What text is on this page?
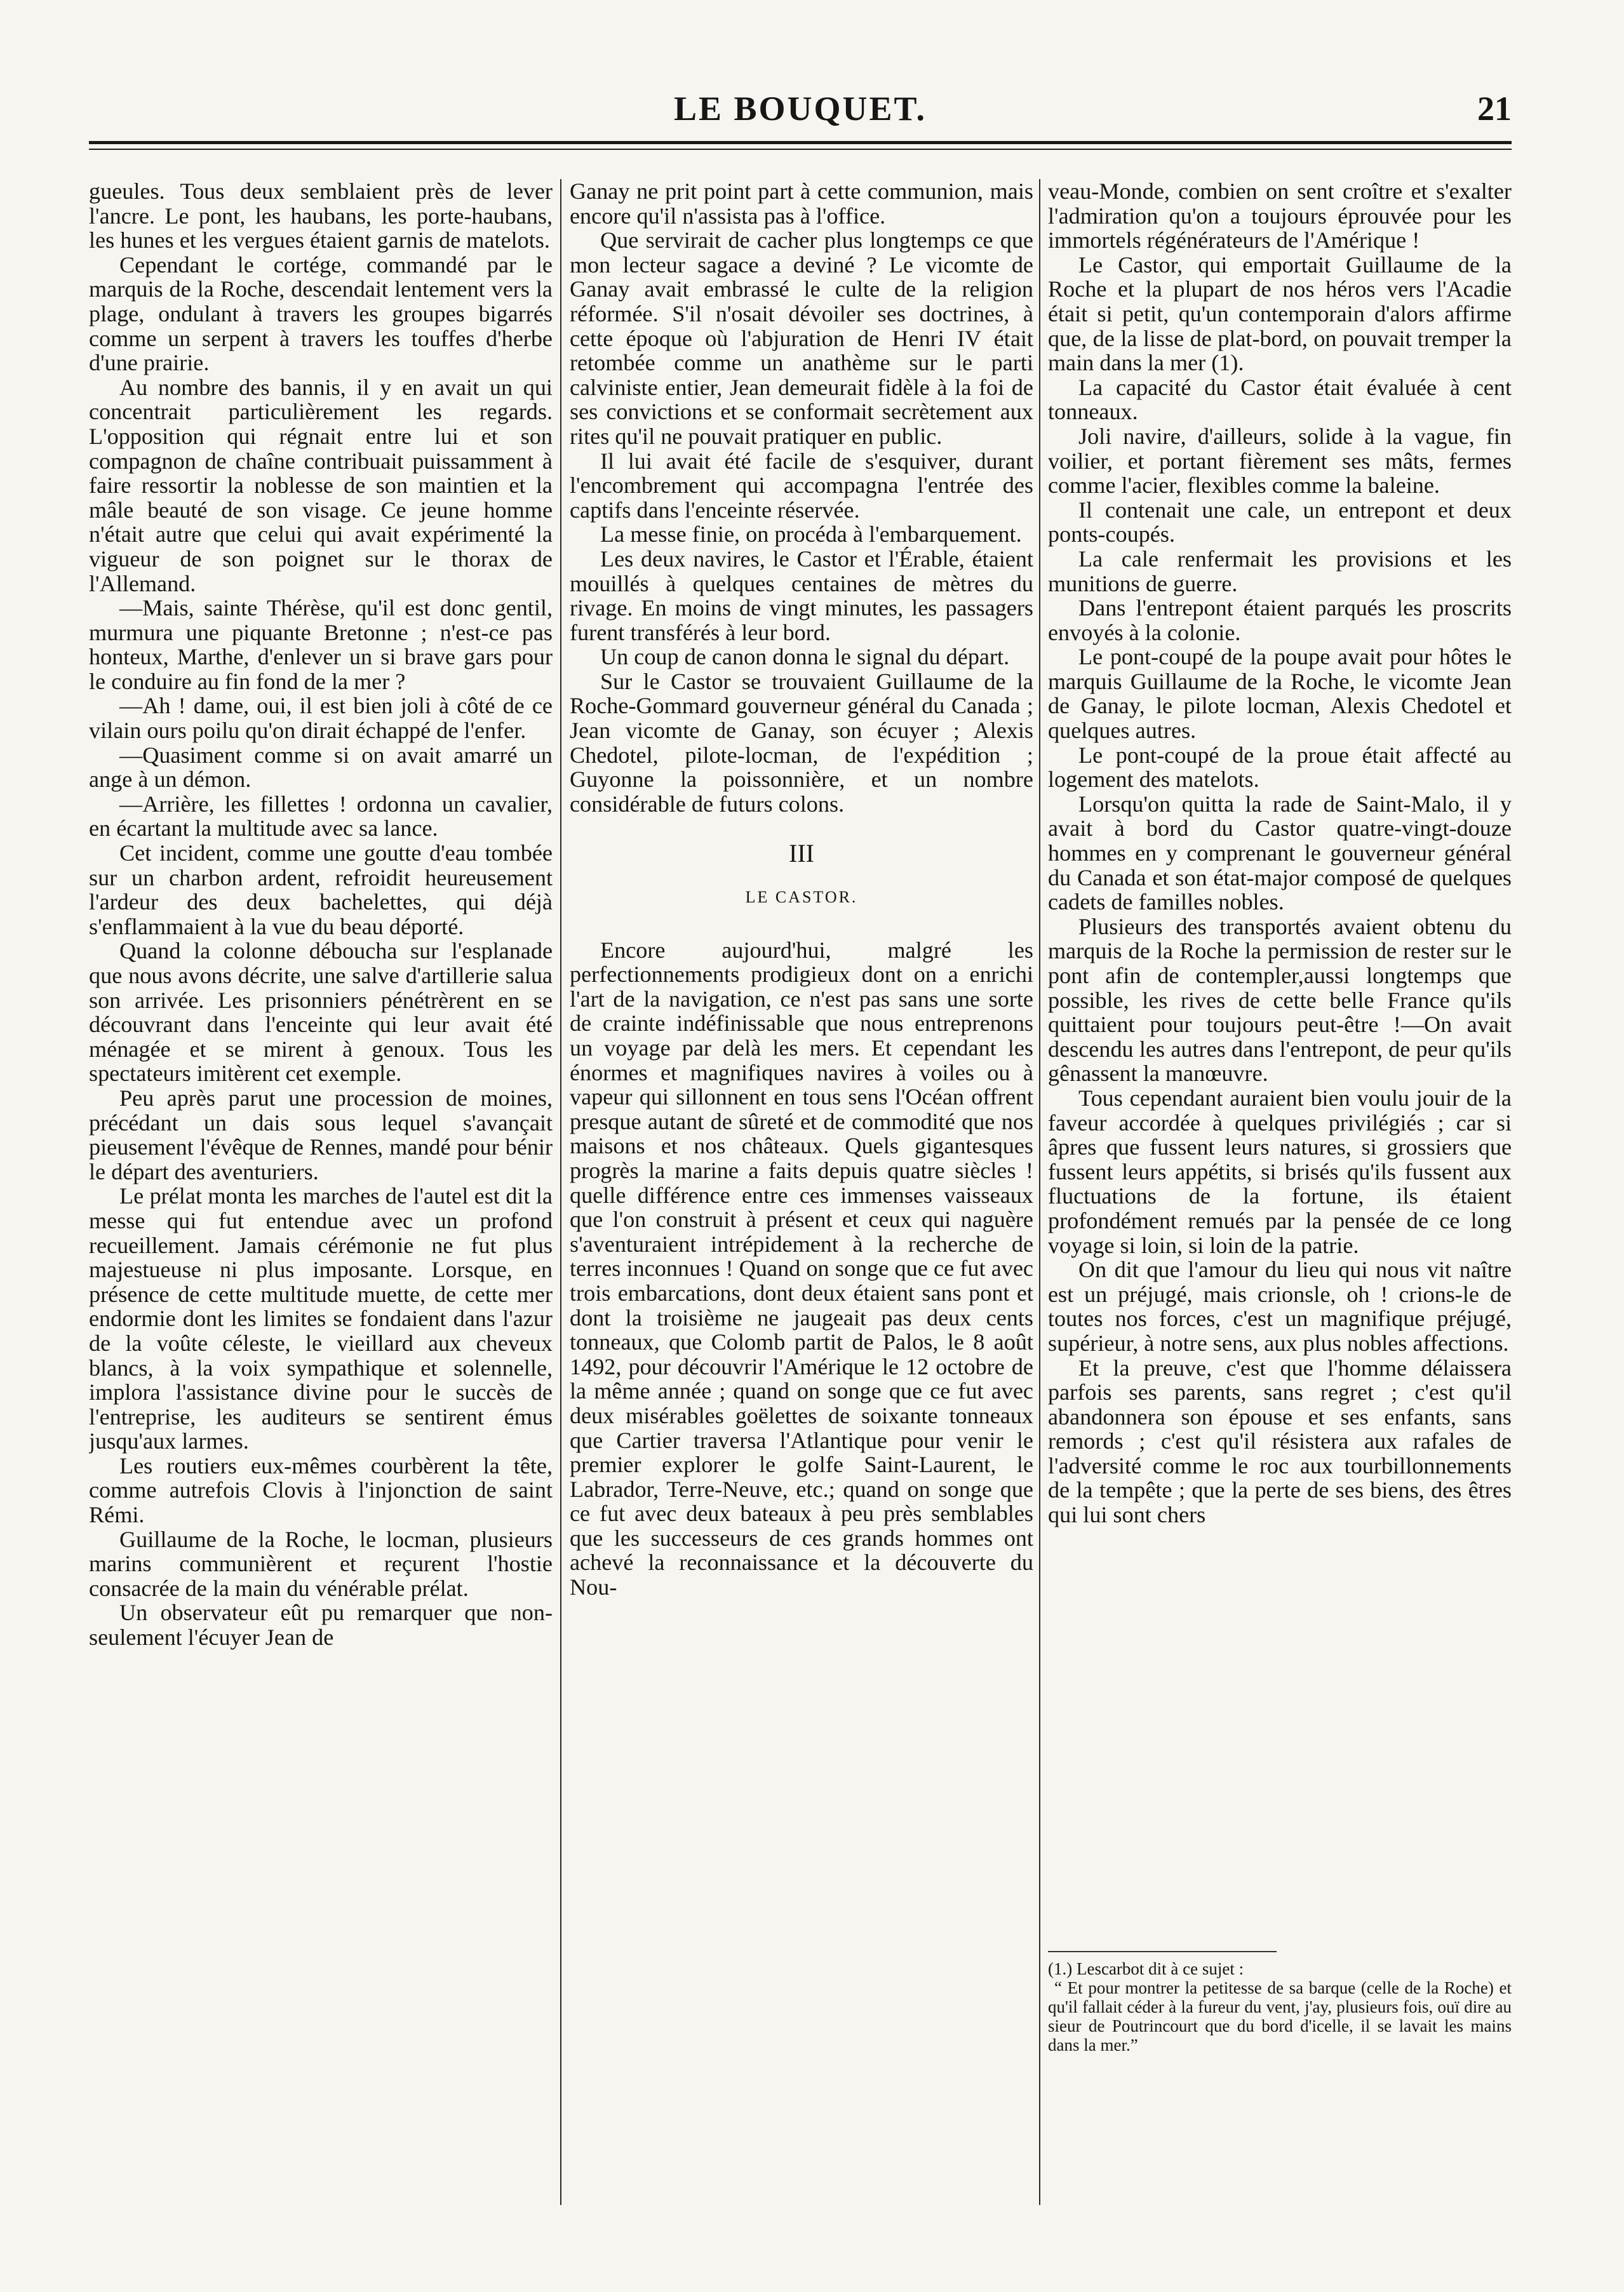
LE BOUQUET.	21

gueules. Tous deux semblaient près de lever l'ancre. Le pont, les haubans, les porte-haubans, les hunes et les vergues étaient garnis de matelots.

Cependant le cortége, commandé par le marquis de la Roche, descendait lentement vers la plage, ondulant à travers les groupes bigarrés comme un serpent à travers les touffes d'herbe d'une prairie.

Au nombre des bannis, il y en avait un qui concentrait particulièrement les regards. L'opposition qui régnait entre lui et son compagnon de chaîne contribuait puissamment à faire ressortir la noblesse de son maintien et la mâle beauté de son visage. Ce jeune homme n'était autre que celui qui avait expérimenté la vigueur de son poignet sur le thorax de l'Allemand.

—Mais, sainte Thérèse, qu'il est donc gentil, murmura une piquante Bretonne ; n'est-ce pas honteux, Marthe, d'enlever un si brave gars pour le conduire au fin fond de la mer ?

—Ah ! dame, oui, il est bien joli à côté de ce vilain ours poilu qu'on dirait échappé de l'enfer.

—Quasiment comme si on avait amarré un ange à un démon.

—Arrière, les fillettes ! ordonna un cavalier, en écartant la multitude avec sa lance.

Cet incident, comme une goutte d'eau tombée sur un charbon ardent, refroidit heureusement l'ardeur des deux bachelettes, qui déjà s'enflammaient à la vue du beau déporté.

Quand la colonne déboucha sur l'esplanade que nous avons décrite, une salve d'artillerie salua son arrivée. Les prisonniers pénétrèrent en se découvrant dans l'enceinte qui leur avait été ménagée et se mirent à genoux. Tous les spectateurs imitèrent cet exemple.

Peu après parut une procession de moines, précédant un dais sous lequel s'avançait pieusement l'évêque de Rennes, mandé pour bénir le départ des aventuriers.

Le prélat monta les marches de l'autel est dit la messe qui fut entendue avec un profond recueillement. Jamais cérémonie ne fut plus majestueuse ni plus imposante. Lorsque, en présence de cette multitude muette, de cette mer endormie dont les limites se fondaient dans l'azur de la voûte céleste, le vieillard aux cheveux blancs, à la voix sympathique et solennelle, implora l'assistance divine pour le succès de l'entreprise, les auditeurs se sentirent émus jusqu'aux larmes.

Les routiers eux-mêmes courbèrent la tête, comme autrefois Clovis à l'injonction de saint Rémi.

Guillaume de la Roche, le locman, plusieurs marins communièrent et reçurent l'hostie consacrée de la main du vénérable prélat.

Un observateur eût pu remarquer que non-seulement l'écuyer Jean de

Ganay ne prit point part à cette communion, mais encore qu'il n'assista pas à l'office.

Que servirait de cacher plus longtemps ce que mon lecteur sagace a deviné ? Le vicomte de Ganay avait embrassé le culte de la religion réformée. S'il n'osait dévoiler ses doctrines, à cette époque où l'abjuration de Henri IV était retombée comme un anathème sur le parti calviniste entier, Jean demeurait fidèle à la foi de ses convictions et se conformait secrètement aux rites qu'il ne pouvait pratiquer en public.

Il lui avait été facile de s'esquiver, durant l'encombrement qui accompagna l'entrée des captifs dans l'enceinte réservée.

La messe finie, on procéda à l'embarquement.

Les deux navires, le Castor et l'Érable, étaient mouillés à quelques centaines de mètres du rivage. En moins de vingt minutes, les passagers furent transférés à leur bord.

Un coup de canon donna le signal du départ.

Sur le Castor se trouvaient Guillaume de la Roche-Gommard gouverneur général du Canada ; Jean vicomte de Ganay, son écuyer ; Alexis Chedotel, pilote-locman, de l'expédition ; Guyonne la poissonnière, et un nombre considérable de futurs colons.

III
LE CASTOR.

Encore aujourd'hui, malgré les perfectionnements prodigieux dont on a enrichi l'art de la navigation, ce n'est pas sans une sorte de crainte indéfinissable que nous entreprenons un voyage par delà les mers. Et cependant les énormes et magnifiques navires à voiles ou à vapeur qui sillonnent en tous sens l'Océan offrent presque autant de sûreté et de commodité que nos maisons et nos châteaux. Quels gigantesques progrès la marine a faits depuis quatre siècles ! quelle différence entre ces immenses vaisseaux que l'on construit à présent et ceux qui naguère s'aventuraient intrépidement à la recherche de terres inconnues ! Quand on songe que ce fut avec trois embarcations, dont deux étaient sans pont et dont la troisième ne jaugeait pas deux cents tonneaux, que Colomb partit de Palos, le 8 août 1492, pour découvrir l'Amérique le 12 octobre de la même année ; quand on songe que ce fut avec deux misérables goëlettes de soixante tonneaux que Cartier traversa l'Atlantique pour venir le premier explorer le golfe Saint-Laurent, le Labrador, Terre-Neuve, etc.; quand on songe que ce fut avec deux bateaux à peu près semblables que les successeurs de ces grands hommes ont achevé la reconnaissance et la découverte du Nou-

veau-Monde, combien on sent croître et s'exalter l'admiration qu'on a toujours éprouvée pour les immortels régénérateurs de l'Amérique !

Le Castor, qui emportait Guillaume de la Roche et la plupart de nos héros vers l'Acadie était si petit, qu'un contemporain d'alors affirme que, de la lisse de plat-bord, on pouvait tremper la main dans la mer (1).

La capacité du Castor était évaluée à cent tonneaux.

Joli navire, d'ailleurs, solide à la vague, fin voilier, et portant fièrement ses mâts, fermes comme l'acier, flexibles comme la baleine.

Il contenait une cale, un entrepont et deux ponts-coupés.

La cale renfermait les provisions et les munitions de guerre.

Dans l'entrepont étaient parqués les proscrits envoyés à la colonie.

Le pont-coupé de la poupe avait pour hôtes le marquis Guillaume de la Roche, le vicomte Jean de Ganay, le pilote locman, Alexis Chedotel et quelques autres.

Le pont-coupé de la proue était affecté au logement des matelots.

Lorsqu'on quitta la rade de Saint-Malo, il y avait à bord du Castor quatre-vingt-douze hommes en y comprenant le gouverneur général du Canada et son état-major composé de quelques cadets de familles nobles.

Plusieurs des transportés avaient obtenu du marquis de la Roche la permission de rester sur le pont afin de contempler,aussi longtemps que possible, les rives de cette belle France qu'ils quittaient pour toujours peut-être !—On avait descendu les autres dans l'entrepont, de peur qu'ils gênassent la manœuvre.

Tous cependant auraient bien voulu jouir de la faveur accordée à quelques privilégiés ; car si âpres que fussent leurs natures, si grossiers que fussent leurs appétits, si brisés qu'ils fussent aux fluctuations de la fortune, ils étaient profondément remués par la pensée de ce long voyage si loin, si loin de la patrie.

On dit que l'amour du lieu qui nous vit naître est un préjugé, mais crionsle, oh ! crions-le de toutes nos forces, c'est un magnifique préjugé, supérieur, à notre sens, aux plus nobles affections.

Et la preuve, c'est que l'homme délaissera parfois ses parents, sans regret ; c'est qu'il abandonnera son épouse et ses enfants, sans remords ; c'est qu'il résistera aux rafales de l'adversité comme le roc aux tourbillonnements de la tempête ; que la perte de ses biens, des êtres qui lui sont chers

(1.) Lescarbot dit à ce sujet :

“ Et pour montrer la petitesse de sa barque (celle de la Roche) et qu'il fallait céder à la fureur du vent, j'ay, plusieurs fois, ouï dire au sieur de Poutrincourt que du bord d'icelle, il se lavait les mains dans la mer.”
